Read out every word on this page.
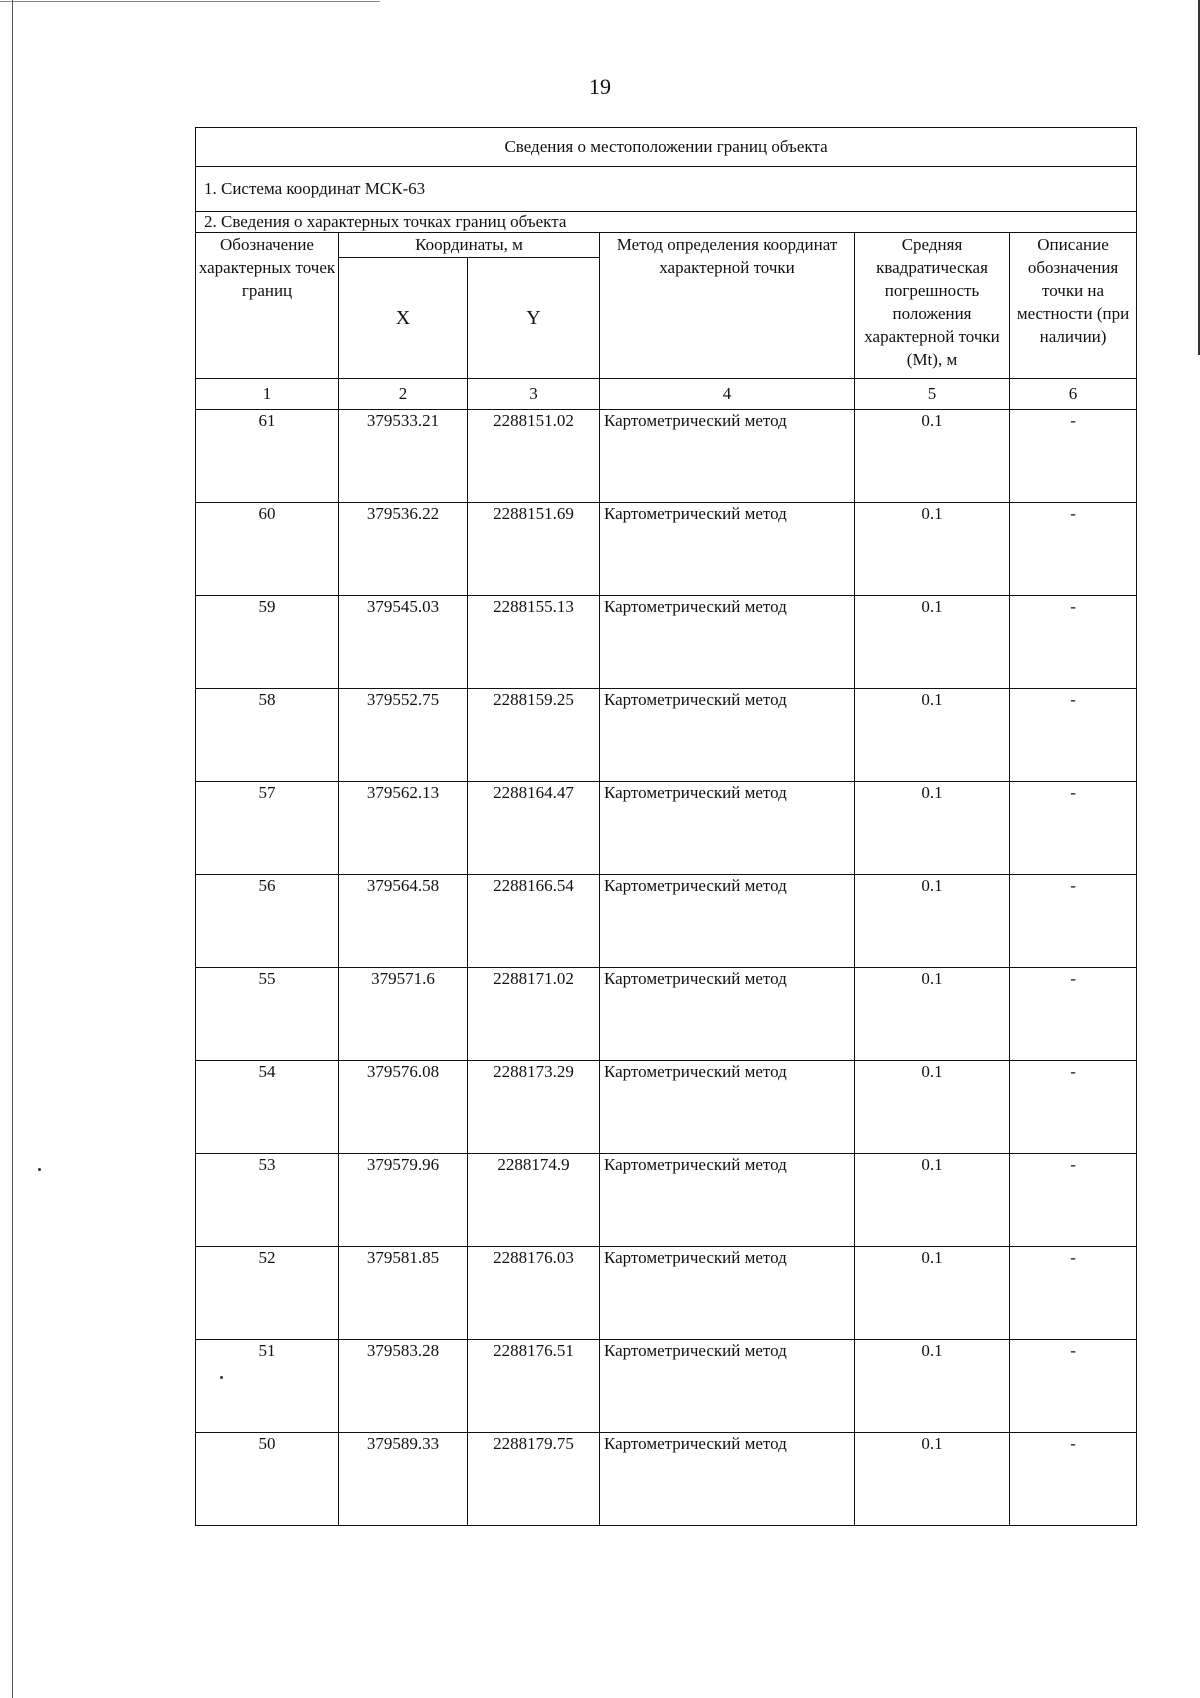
19
Сведения о местоположении границ объекта					
1. Система координат МСК-63					
2. Сведения о характерных точках границ объекта					
Обозначение характерных точек границ	Координаты, м		Метод определения координат характерной точки	Средняя квадратическая погрешность положения характерной точки (Mt), м	Описание обозначения точки на местности (при наличии)
	X	Y			
1	2	3	4	5	6
61	379533.21	2288151.02	Картометрический метод	0.1	-
60	379536.22	2288151.69	Картометрический метод	0.1	-
59	379545.03	2288155.13	Картометрический метод	0.1	-
58	379552.75	2288159.25	Картометрический метод	0.1	-
57	379562.13	2288164.47	Картометрический метод	0.1	-
56	379564.58	2288166.54	Картометрический метод	0.1	-
55	379571.6	2288171.02	Картометрический метод	0.1	-
54	379576.08	2288173.29	Картометрический метод	0.1	-
53	379579.96	2288174.9	Картометрический метод	0.1	-
52	379581.85	2288176.03	Картометрический метод	0.1	-
51	379583.28	2288176.51	Картометрический метод	0.1	-
50	379589.33	2288179.75	Картометрический метод	0.1	-
